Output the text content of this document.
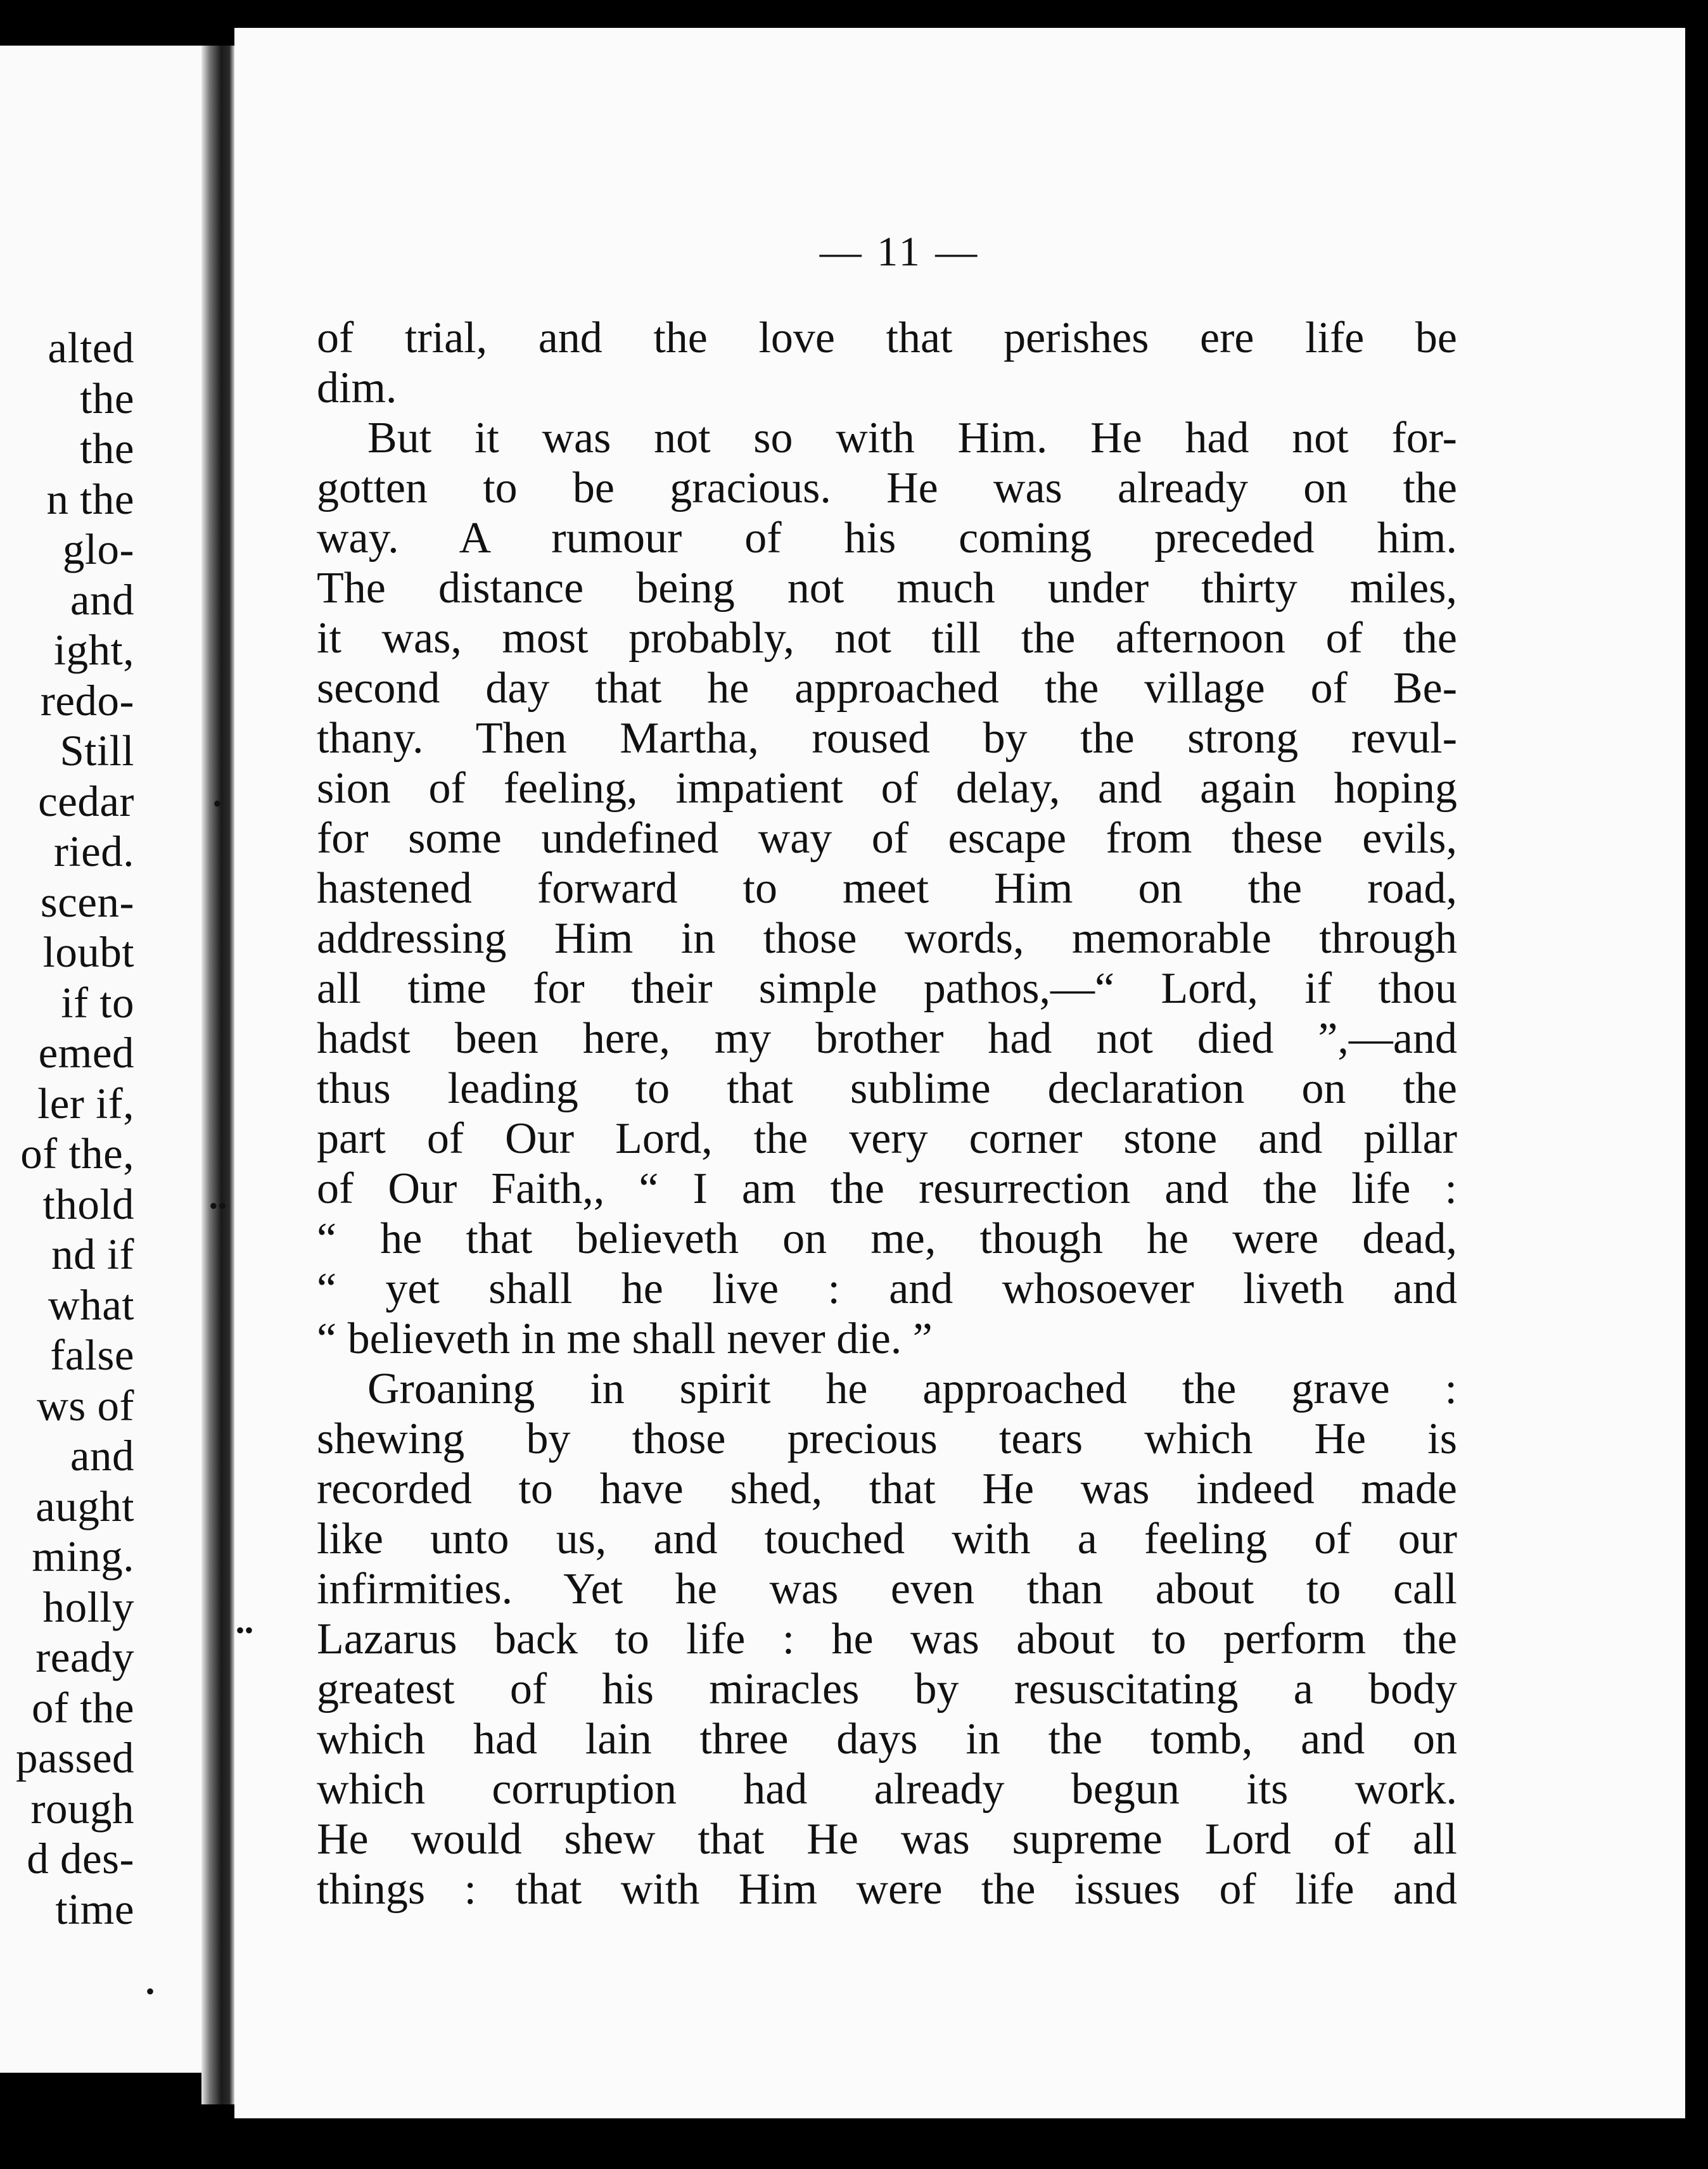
alted
the
the
n the
glo-
and
ight,
redo-
Still
cedar
ried.
scen-
loubt
if to
emed
ler if,
of the,
thold
nd if
what
false
ws of
and
aught
ming.
holly
ready
of the
passed
rough
d des-
time
— 11 —
of trial, and the love that perishes ere life be
dim.
But it was not so with Him. He had not for-
gotten to be gracious. He was already on the
way. A rumour of his coming preceded him.
The distance being not much under thirty miles,
it was, most probably, not till the afternoon of the
second day that he approached the village of Be-
thany. Then Martha, roused by the strong revul-
sion of feeling, impatient of delay, and again hoping
for some undefined way of escape from these evils,
hastened forward to meet Him on the road,
addressing Him in those words, memorable through
all time for their simple pathos,—“ Lord, if thou
hadst been here, my brother had not died ”,—and
thus leading to that sublime declaration on the
part of Our Lord, the very corner stone and pillar
of Our Faith,, “ I am the resurrection and the life :
“ he that believeth on me, though he were dead,
“ yet shall he live : and whosoever liveth and
“ believeth in me shall never die. ”
Groaning in spirit he approached the grave :
shewing by those precious tears which He is
recorded to have shed, that He was indeed made
like unto us, and touched with a feeling of our
infirmities. Yet he was even than about to call
Lazarus back to life : he was about to perform the
greatest of his miracles by resuscitating a body
which had lain three days in the tomb, and on
which corruption had already begun its work.
He would shew that He was supreme Lord of all
things : that with Him were the issues of life and
•
••
••
•
